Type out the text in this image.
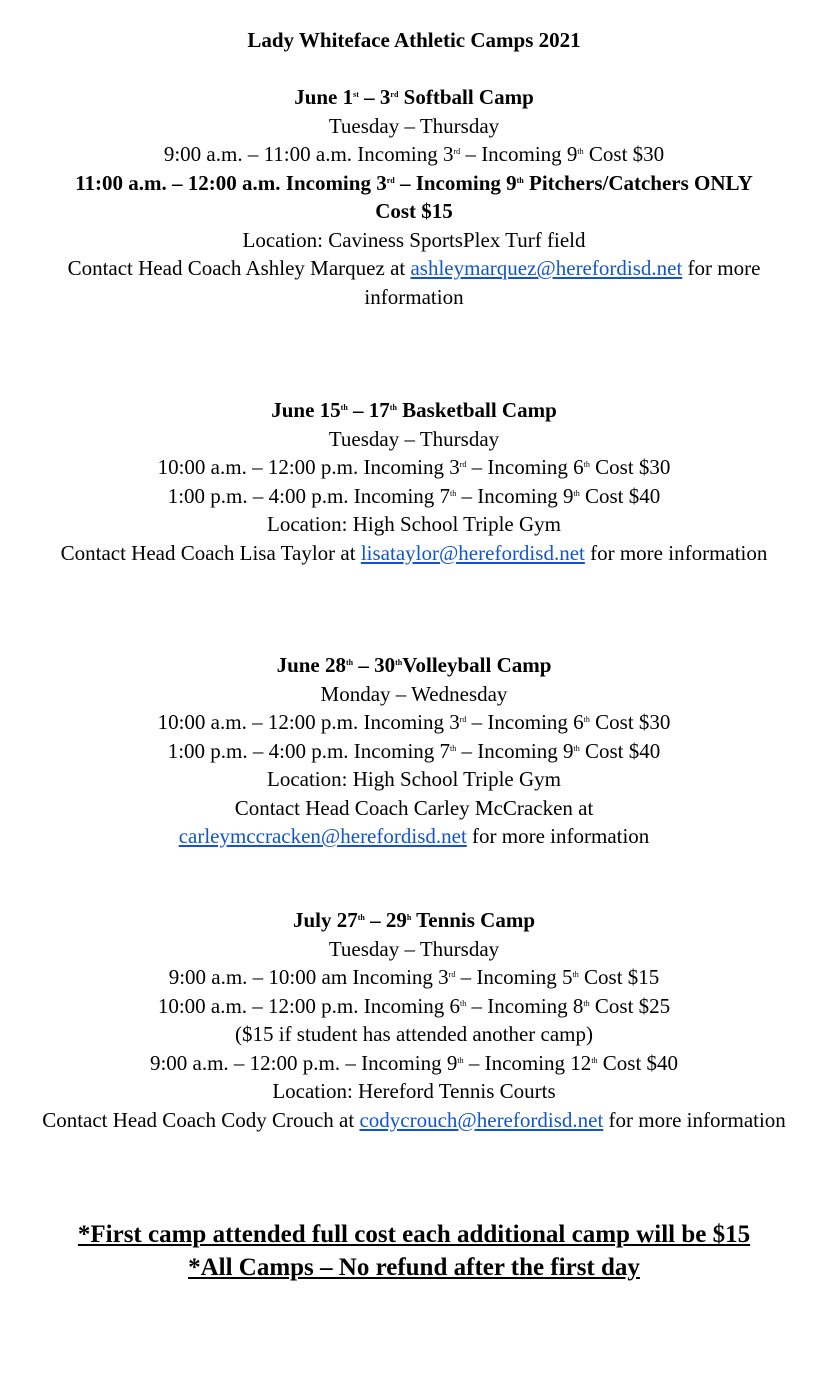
Lady Whiteface Athletic Camps 2021
June 1st – 3rd Softball Camp
Tuesday – Thursday
9:00 a.m. – 11:00 a.m. Incoming 3rd – Incoming 9th Cost $30
11:00 a.m. – 12:00 a.m. Incoming 3rd – Incoming 9th Pitchers/Catchers ONLY
Cost $15
Location: Caviness SportsPlex Turf field
Contact Head Coach Ashley Marquez at ashleymarquez@herefordisd.net for more information
June 15th – 17th Basketball Camp
Tuesday – Thursday
10:00 a.m. – 12:00 p.m. Incoming 3rd – Incoming 6th Cost $30
1:00 p.m. – 4:00 p.m. Incoming 7th – Incoming 9th Cost $40
Location: High School Triple Gym
Contact Head Coach Lisa Taylor at lisataylor@herefordisd.net for more information
June 28th – 30thVolleyball Camp
Monday – Wednesday
10:00 a.m. – 12:00 p.m. Incoming 3rd – Incoming 6th Cost $30
1:00 p.m. – 4:00 p.m. Incoming 7th – Incoming 9th Cost $40
Location: High School Triple Gym
Contact Head Coach Carley McCracken at
carleymccracken@herefordisd.net for more information
July 27th – 29$^h$ Tennis Camp
Tuesday – Thursday
9:00 a.m. – 10:00 am Incoming 3rd – Incoming 5th Cost $15
10:00 a.m. – 12:00 p.m. Incoming 6th – Incoming 8th Cost $25
($15 if student has attended another camp)
9:00 a.m. – 12:00 p.m. – Incoming 9th – Incoming 12th Cost $40
Location: Hereford Tennis Courts
Contact Head Coach Cody Crouch at codycrouch@herefordisd.net for more information
*First camp attended full cost each additional camp will be $15
*All Camps – No refund after the first day
